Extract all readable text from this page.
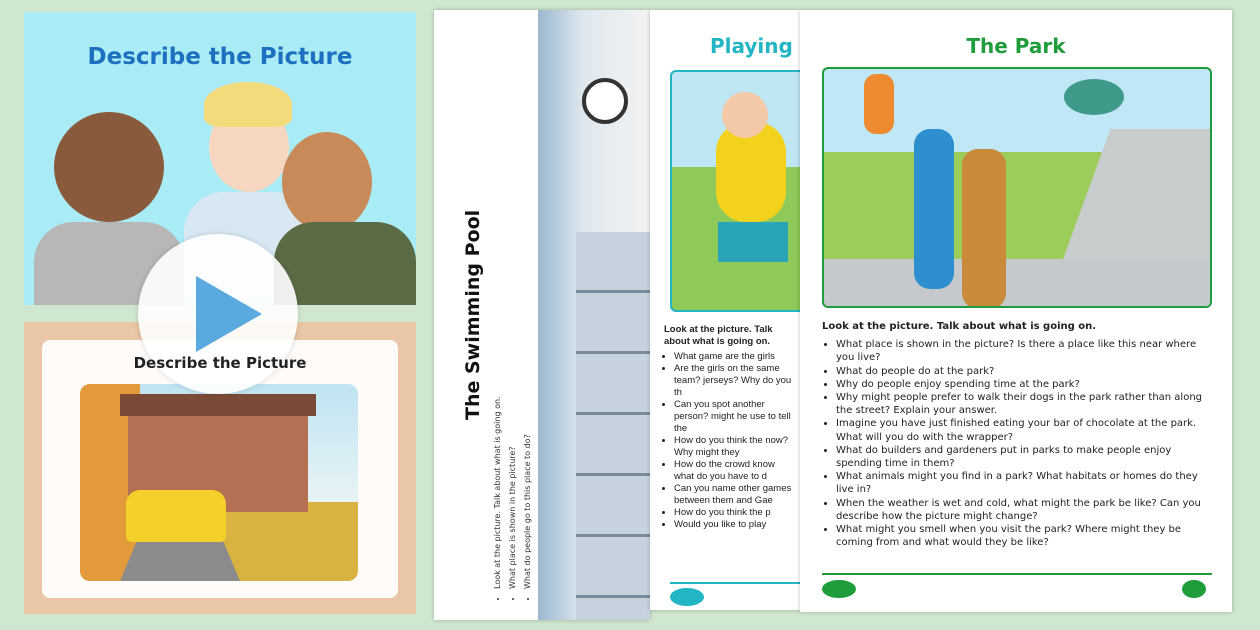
Describe the Picture
Describe the Picture	The Swimming Pool
• Look at the picture. Talk about what is going on. • What place is shown in the picture? • What do people go to this place to do?
Playing
Look at the picture. Talk about what is going on.
• What game are the girls
• Are the girls on the same team? jerseys? Why do you th
• Can you spot another person? might he use to tell the
• How do you think the now? Why might they
• How do the crowd know what do you have to d
• Can you name other games between them and Gae
• How do you think the p
• Would you like to play
The Park
Look at the picture. Talk about what is going on.
• What place is shown in the picture? Is there a place like this near where you live?
• What do people do at the park?
• Why do people enjoy spending time at the park?
• Why might people prefer to walk their dogs in the park rather than along the street? Explain your answer.
• Imagine you have just finished eating your bar of chocolate at the park. What will you do with the wrapper?
• What do builders and gardeners put in parks to make people enjoy spending time in them?
• What animals might you find in a park? What habitats or homes do they live in?
• When the weather is wet and cold, what might the park be like? Can you describe how the picture might change?
• What might you smell when you visit the park? Where might they be coming from and what would they be like?
